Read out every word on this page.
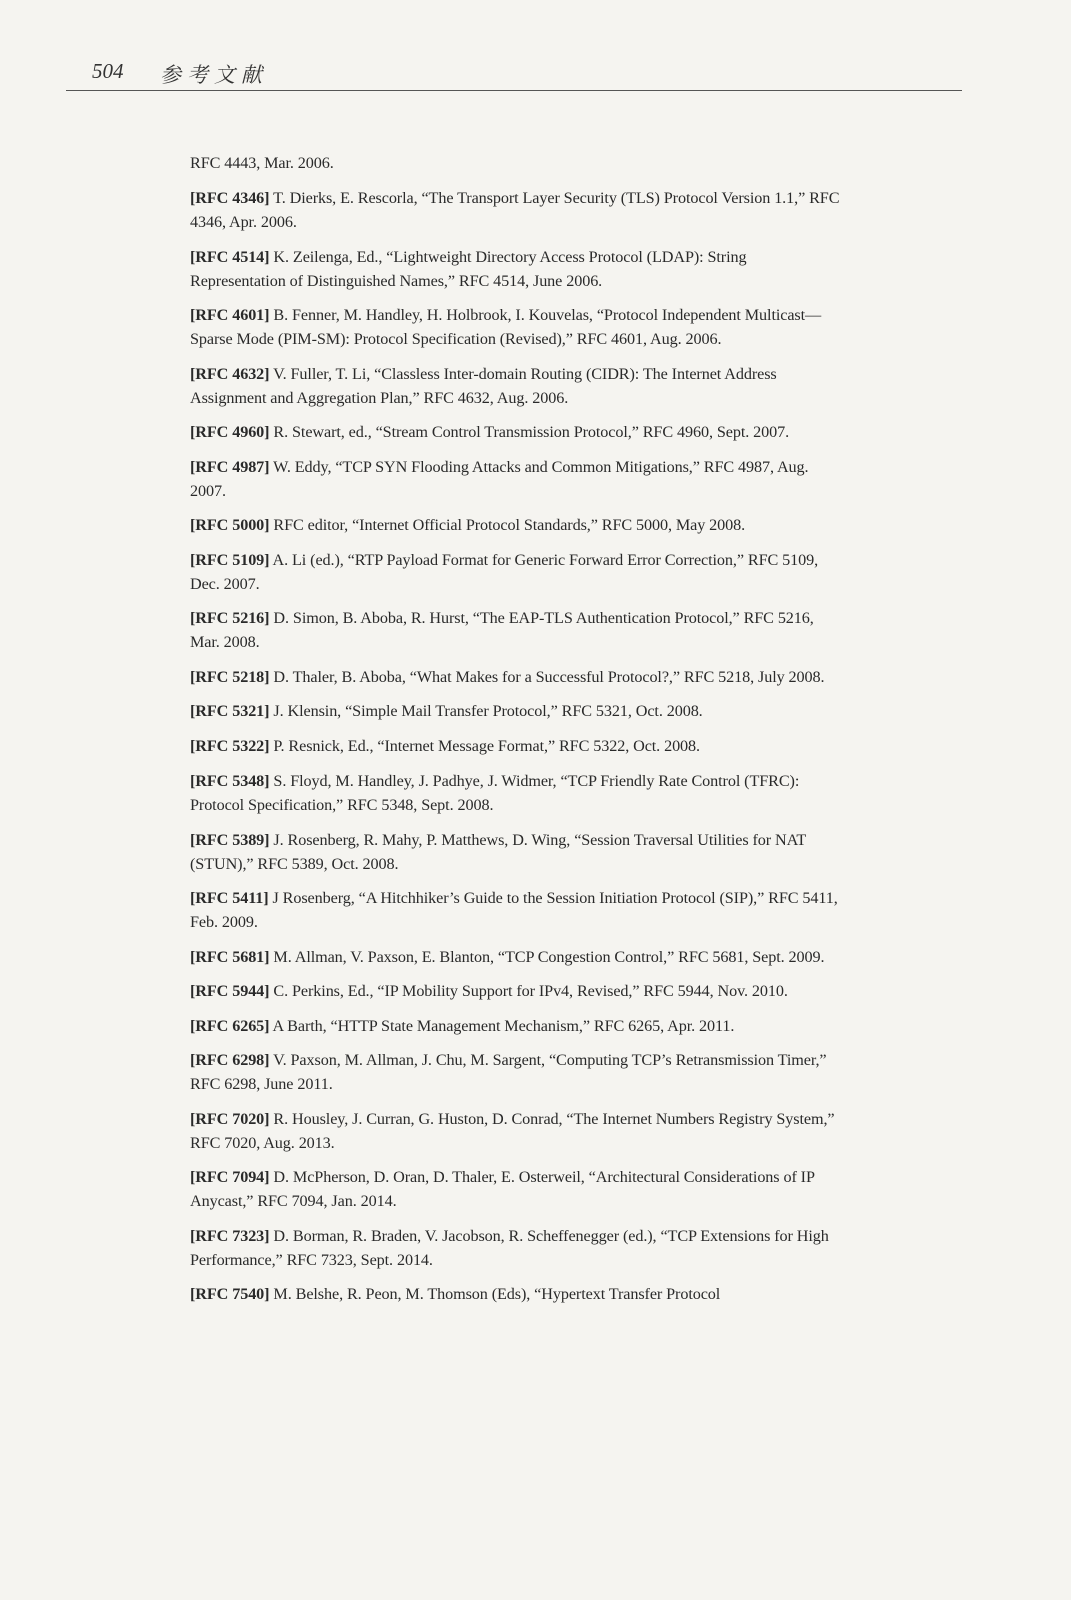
504 参考文献

RFC 4443, Mar. 2006.

[RFC 4346] T. Dierks, E. Rescorla, “The Transport Layer Security (TLS) Protocol Version 1.1,” RFC 4346, Apr. 2006.

[RFC 4514] K. Zeilenga, Ed., “Lightweight Directory Access Protocol (LDAP): String Representation of Distinguished Names,” RFC 4514, June 2006.

[RFC 4601] B. Fenner, M. Handley, H. Holbrook, I. Kouvelas, “Protocol Independent Multicast—Sparse Mode (PIM-SM): Protocol Specification (Revised),” RFC 4601, Aug. 2006.

[RFC 4632] V. Fuller, T. Li, “Classless Inter-domain Routing (CIDR): The Internet Address Assignment and Aggregation Plan,” RFC 4632, Aug. 2006.

[RFC 4960] R. Stewart, ed., “Stream Control Transmission Protocol,” RFC 4960, Sept. 2007.

[RFC 4987] W. Eddy, “TCP SYN Flooding Attacks and Common Mitigations,” RFC 4987, Aug. 2007.

[RFC 5000] RFC editor, “Internet Official Protocol Standards,” RFC 5000, May 2008.

[RFC 5109] A. Li (ed.), “RTP Payload Format for Generic Forward Error Correction,” RFC 5109, Dec. 2007.

[RFC 5216] D. Simon, B. Aboba, R. Hurst, “The EAP-TLS Authentication Protocol,” RFC 5216, Mar. 2008.

[RFC 5218] D. Thaler, B. Aboba, “What Makes for a Successful Protocol?,” RFC 5218, July 2008.

[RFC 5321] J. Klensin, “Simple Mail Transfer Protocol,” RFC 5321, Oct. 2008.

[RFC 5322] P. Resnick, Ed., “Internet Message Format,” RFC 5322, Oct. 2008.

[RFC 5348] S. Floyd, M. Handley, J. Padhye, J. Widmer, “TCP Friendly Rate Control (TFRC): Protocol Specification,” RFC 5348, Sept. 2008.

[RFC 5389] J. Rosenberg, R. Mahy, P. Matthews, D. Wing, “Session Traversal Utilities for NAT (STUN),” RFC 5389, Oct. 2008.

[RFC 5411] J Rosenberg, “A Hitchhiker’s Guide to the Session Initiation Protocol (SIP),” RFC 5411, Feb. 2009.

[RFC 5681] M. Allman, V. Paxson, E. Blanton, “TCP Congestion Control,” RFC 5681, Sept. 2009.

[RFC 5944] C. Perkins, Ed., “IP Mobility Support for IPv4, Revised,” RFC 5944, Nov. 2010.

[RFC 6265] A Barth, “HTTP State Management Mechanism,” RFC 6265, Apr. 2011.

[RFC 6298] V. Paxson, M. Allman, J. Chu, M. Sargent, “Computing TCP’s Retransmission Timer,” RFC 6298, June 2011.

[RFC 7020] R. Housley, J. Curran, G. Huston, D. Conrad, “The Internet Numbers Registry System,” RFC 7020, Aug. 2013.

[RFC 7094] D. McPherson, D. Oran, D. Thaler, E. Osterweil, “Architectural Considerations of IP Anycast,” RFC 7094, Jan. 2014.

[RFC 7323] D. Borman, R. Braden, V. Jacobson, R. Scheffenegger (ed.), “TCP Extensions for High Performance,” RFC 7323, Sept. 2014.

[RFC 7540] M. Belshe, R. Peon, M. Thomson (Eds), “Hypertext Transfer Protocol
